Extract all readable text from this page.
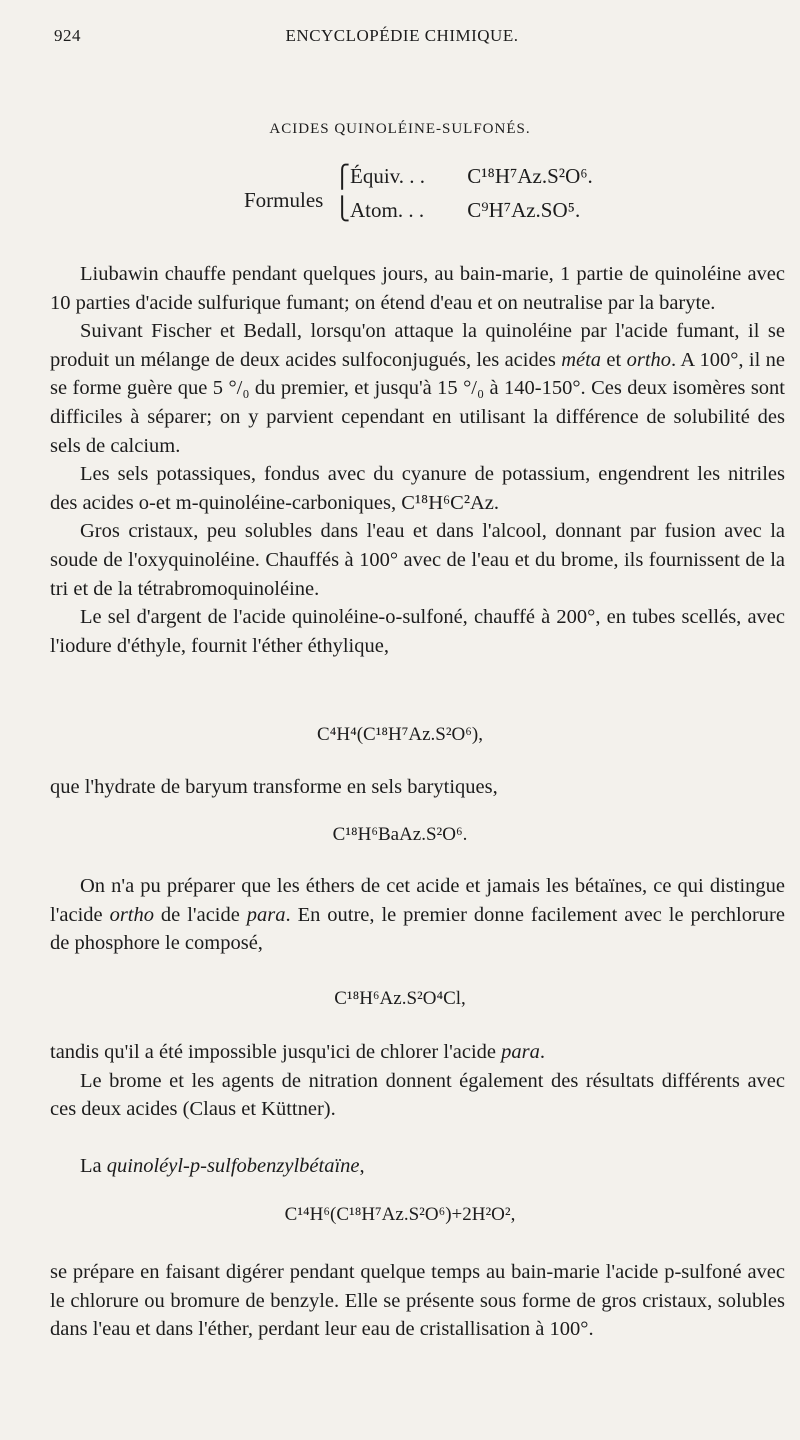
924	ENCYCLOPÉDIE CHIMIQUE.
ACIDES QUINOLÉINE-SULFONÉS.
Formules
⎧
⎩
Équiv. . . C¹⁸H⁷Az.S²O⁶.
Atom. . . C⁹H⁷Az.SO⁵.

Liubawin chauffe pendant quelques jours, au bain-marie, 1 partie de quinoléine avec 10 parties d'acide sulfurique fumant; on étend d'eau et on neutralise par la baryte.

Suivant Fischer et Bedall, lorsqu'on attaque la quinoléine par l'acide fumant, il se produit un mélange de deux acides sulfoconjugués, les acides méta et ortho. A 100°, il ne se forme guère que 5 °/₀ du premier, et jusqu'à 15 °/₀ à 140-150°. Ces deux isomères sont difficiles à séparer; on y parvient cependant en utilisant la différence de solubilité des sels de calcium.

Les sels potassiques, fondus avec du cyanure de potassium, engendrent les nitriles des acides o-et m-quinoléine-carboniques, C¹⁸H⁶C²Az.

Gros cristaux, peu solubles dans l'eau et dans l'alcool, donnant par fusion avec la soude de l'oxyquinoléine. Chauffés à 100° avec de l'eau et du brome, ils fournissent de la tri et de la tétrabromoquinoléine.

Le sel d'argent de l'acide quinoléine-o-sulfoné, chauffé à 200°, en tubes scellés, avec l'iodure d'éthyle, fournit l'éther éthylique,

C⁴H⁴(C¹⁸H⁷Az.S²O⁶),

que l'hydrate de baryum transforme en sels barytiques,

C¹⁸H⁶BaAz.S²O⁶.

On n'a pu préparer que les éthers de cet acide et jamais les bétaïnes, ce qui distingue l'acide ortho de l'acide para. En outre, le premier donne facilement avec le perchlorure de phosphore le composé,

C¹⁸H⁶Az.S²O⁴Cl,

tandis qu'il a été impossible jusqu'ici de chlorer l'acide para.

Le brome et les agents de nitration donnent également des résultats différents avec ces deux acides (Claus et Küttner).

La quinoléyl-p-sulfobenzylbétaïne,

C¹⁴H⁶(C¹⁸H⁷Az.S²O⁶)+2H²O²,

se prépare en faisant digérer pendant quelque temps au bain-marie l'acide p-sulfoné avec le chlorure ou bromure de benzyle. Elle se présente sous forme de gros cristaux, solubles dans l'eau et dans l'éther, perdant leur eau de cristallisation à 100°.
